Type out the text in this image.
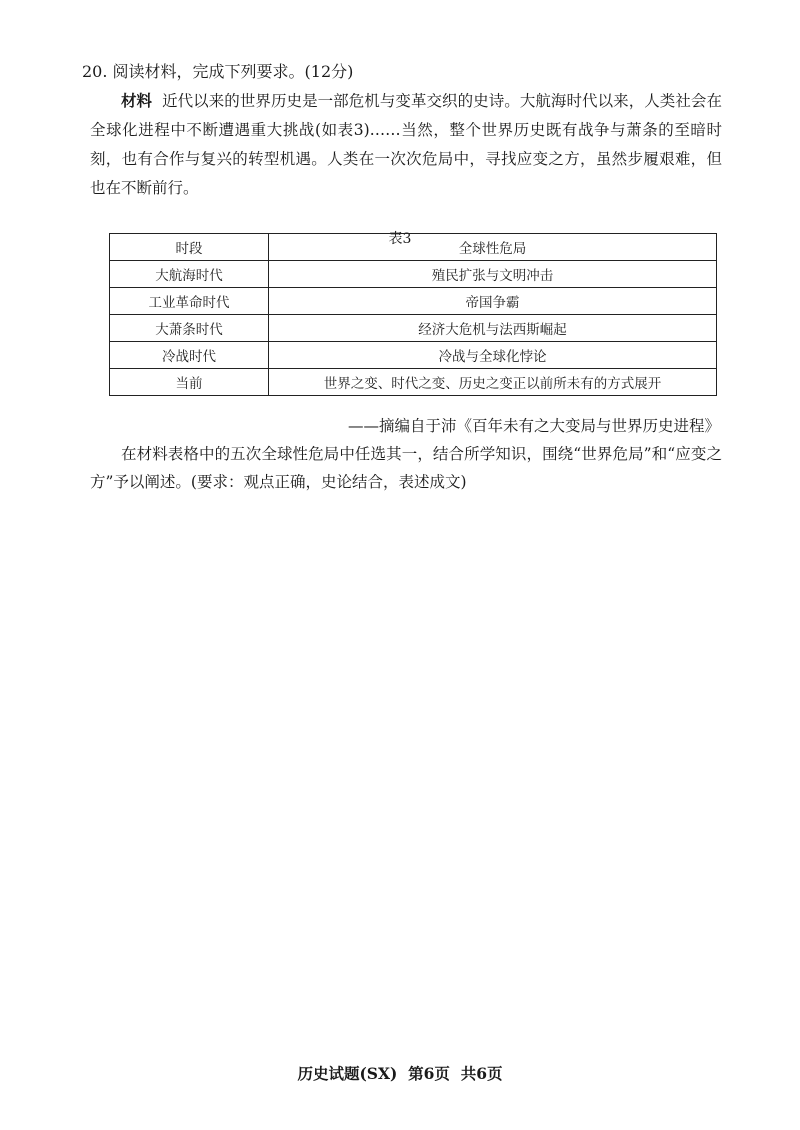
20. 阅读材料，完成下列要求。(12分)
材料 近代以来的世界历史是一部危机与变革交织的史诗。大航海时代以来，人类社会在全球化进程中不断遭遇重大挑战(如表3)……当然，整个世界历史既有战争与萧条的至暗时刻，也有合作与复兴的转型机遇。人类在一次次危局中，寻找应变之方，虽然步履艰难，但也在不断前行。
表3
时段	全球性危局
大航海时代	殖民扩张与文明冲击
工业革命时代	帝国争霸
大萧条时代	经济大危机与法西斯崛起
冷战时代	冷战与全球化悖论
当前	世界之变、时代之变、历史之变正以前所未有的方式展开
——摘编自于沛《百年未有之大变局与世界历史进程》
在材料表格中的五次全球性危局中任选其一，结合所学知识，围绕“世界危局”和“应变之方”予以阐述。(要求：观点正确，史论结合，表述成文)
历史试题(SX)  第6页  共6页
